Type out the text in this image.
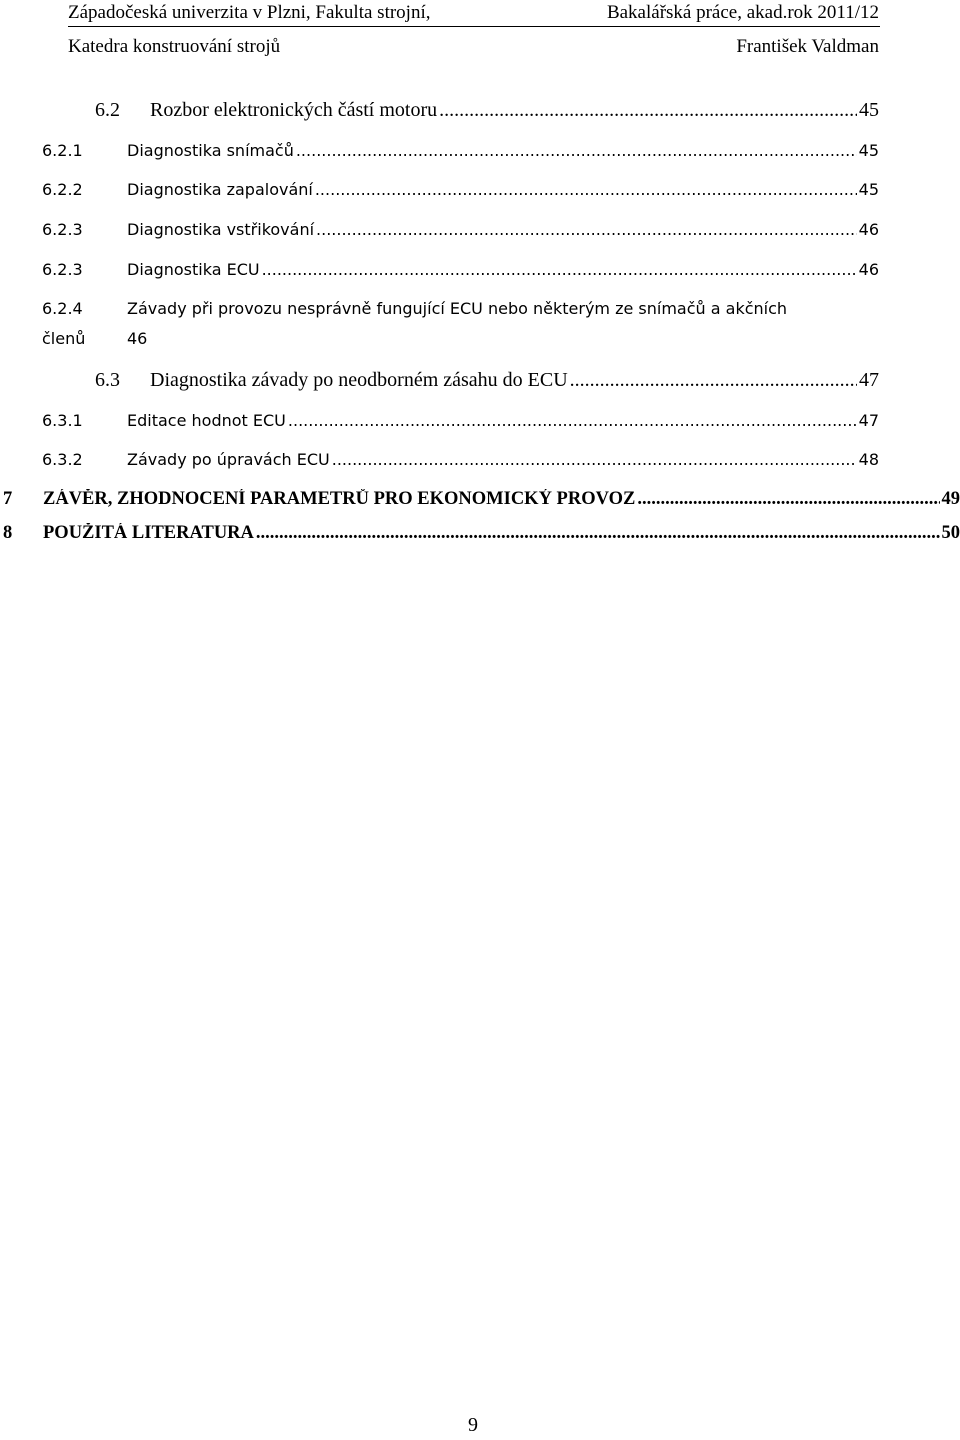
Západočeská univerzita v Plzni, Fakulta strojní,	Bakalářská práce, akad.rok 2011/12
Katedra konstruování strojů	František Valdman
6.2	Rozbor elektronických částí motoru .....	45
6.2.1	Diagnostika snímačů .....	45
6.2.2	Diagnostika zapalování .....	45
6.2.3	Diagnostika vstřikování .....	46
6.2.3	Diagnostika ECU .....	46
6.2.4	Závady při provozu nesprávně fungující ECU nebo některým ze snímačů a akčních
členů	46
6.3	Diagnostika závady po neodborném zásahu do ECU .....	47
6.3.1	Editace hodnot ECU .....	47
6.3.2	Závady po úpravách ECU .....	48
7	ZÁVĚR, ZHODNOCENÍ PARAMETRŮ PRO EKONOMICKÝ PROVOZ .....	49
8	POUŽITÁ LITERATURA .....	50
9
